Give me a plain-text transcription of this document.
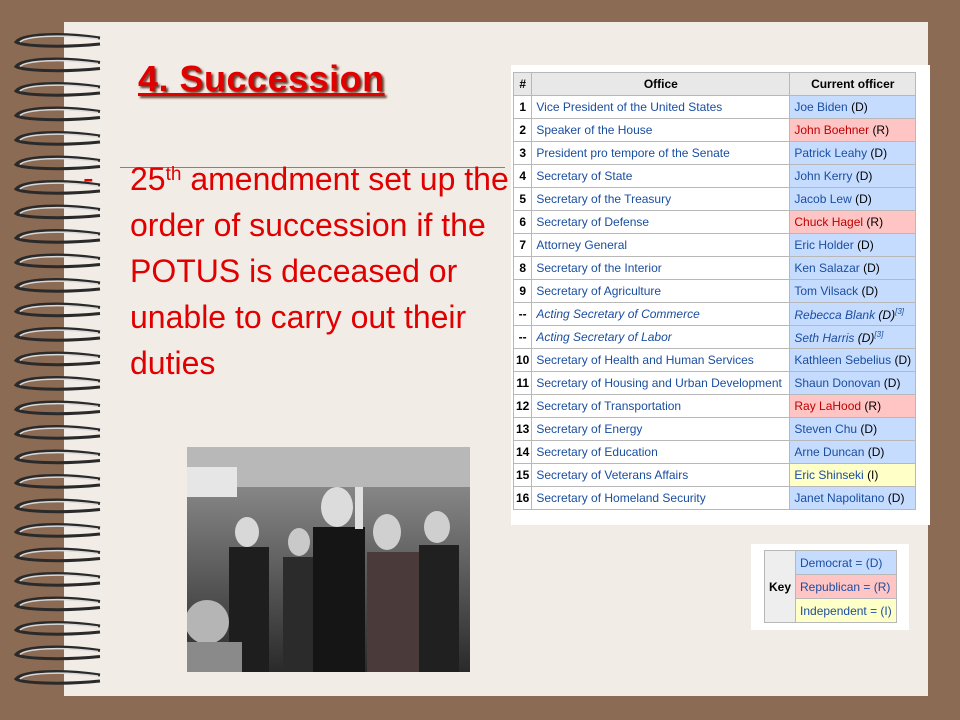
4. Succession
- 25th amendment set up the order of succession if the POTUS is deceased or unable to carry out their duties
#	Office	Current officer
1	Vice President of the United States	Joe Biden (D)
2	Speaker of the House	John Boehner (R)
3	President pro tempore of the Senate	Patrick Leahy (D)
4	Secretary of State	John Kerry (D)
5	Secretary of the Treasury	Jacob Lew (D)
6	Secretary of Defense	Chuck Hagel (R)
7	Attorney General	Eric Holder (D)
8	Secretary of the Interior	Ken Salazar (D)
9	Secretary of Agriculture	Tom Vilsack (D)
--	Acting Secretary of Commerce	Rebecca Blank (D)[3]
--	Acting Secretary of Labor	Seth Harris (D)[3]
10	Secretary of Health and Human Services	Kathleen Sebelius (D)
11	Secretary of Housing and Urban Development	Shaun Donovan (D)
12	Secretary of Transportation	Ray LaHood (R)
13	Secretary of Energy	Steven Chu (D)
14	Secretary of Education	Arne Duncan (D)
15	Secretary of Veterans Affairs	Eric Shinseki (I)
16	Secretary of Homeland Security	Janet Napolitano (D)
Key	Democrat = (D)
Republican = (R)
Independent = (I)
